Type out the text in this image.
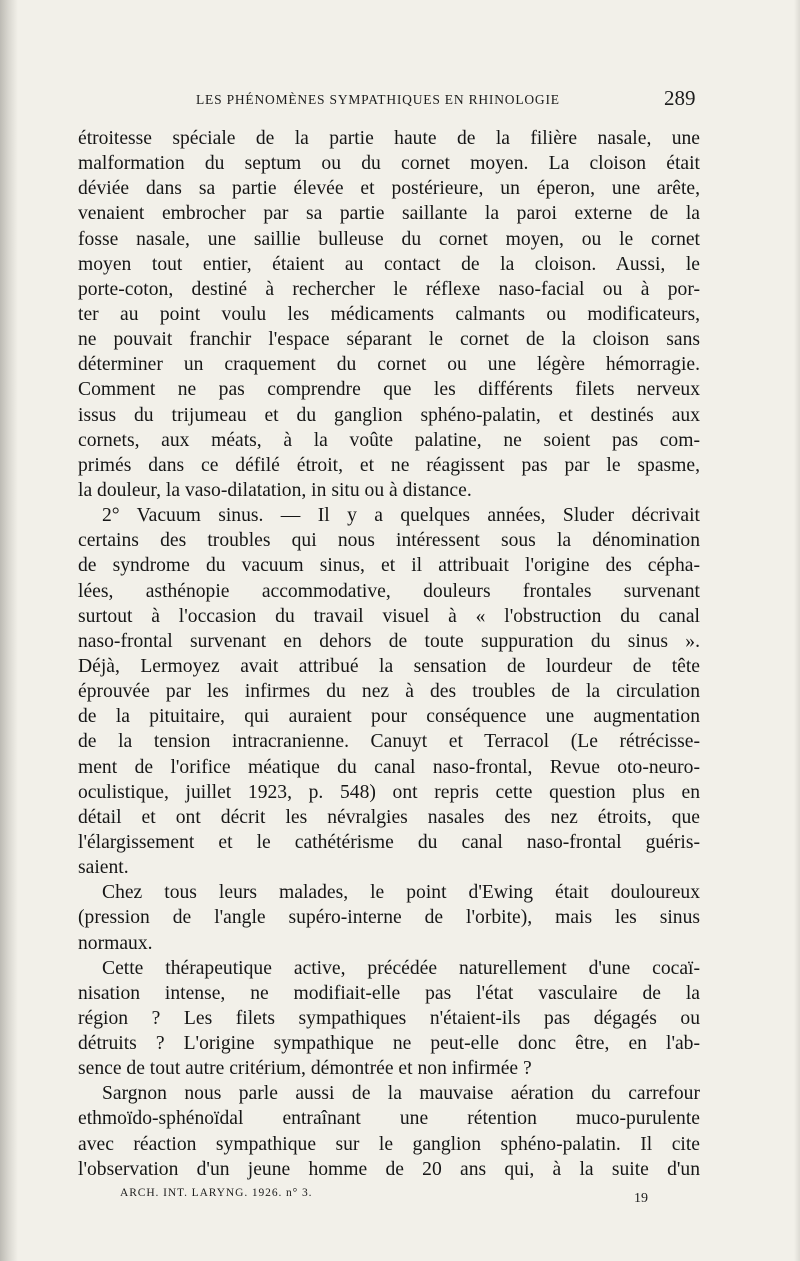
LES PHÉNOMÈNES SYMPATHIQUES EN RHINOLOGIE	289
étroitesse spéciale de la partie haute de la filière nasale, une
malformation du septum ou du cornet moyen. La cloison était
déviée dans sa partie élevée et postérieure, un éperon, une arête,
venaient embrocher par sa partie saillante la paroi externe de la
fosse nasale, une saillie bulleuse du cornet moyen, ou le cornet
moyen tout entier, étaient au contact de la cloison. Aussi, le
porte-coton, destiné à rechercher le réflexe naso-facial ou à por-
ter au point voulu les médicaments calmants ou modificateurs,
ne pouvait franchir l'espace séparant le cornet de la cloison sans
déterminer un craquement du cornet ou une légère hémorragie.
Comment ne pas comprendre que les différents filets nerveux
issus du trijumeau et du ganglion sphéno-palatin, et destinés aux
cornets, aux méats, à la voûte palatine, ne soient pas com-
primés dans ce défilé étroit, et ne réagissent pas par le spasme,
la douleur, la vaso-dilatation, in situ ou à distance.
2° Vacuum sinus. — Il y a quelques années, Sluder décrivait
certains des troubles qui nous intéressent sous la dénomination
de syndrome du vacuum sinus, et il attribuait l'origine des cépha-
lées, asthénopie accommodative, douleurs frontales survenant
surtout à l'occasion du travail visuel à « l'obstruction du canal
naso-frontal survenant en dehors de toute suppuration du sinus ».
Déjà, Lermoyez avait attribué la sensation de lourdeur de tête
éprouvée par les infirmes du nez à des troubles de la circulation
de la pituitaire, qui auraient pour conséquence une augmentation
de la tension intracranienne. Canuyt et Terracol (Le rétrécisse-
ment de l'orifice méatique du canal naso-frontal, Revue oto-neuro-
oculistique, juillet 1923, p. 548) ont repris cette question plus en
détail et ont décrit les névralgies nasales des nez étroits, que
l'élargissement et le cathétérisme du canal naso-frontal guéris-
saient.
Chez tous leurs malades, le point d'Ewing était douloureux
(pression de l'angle supéro-interne de l'orbite), mais les sinus
normaux.
Cette thérapeutique active, précédée naturellement d'une cocaï-
nisation intense, ne modifiait-elle pas l'état vasculaire de la
région ? Les filets sympathiques n'étaient-ils pas dégagés ou
détruits ? L'origine sympathique ne peut-elle donc être, en l'ab-
sence de tout autre critérium, démontrée et non infirmée ?
Sargnon nous parle aussi de la mauvaise aération du carrefour
ethmoïdo-sphénoïdal entraînant une rétention muco-purulente
avec réaction sympathique sur le ganglion sphéno-palatin. Il cite
l'observation d'un jeune homme de 20 ans qui, à la suite d'un
ARCH. INT. LARYNG. 1926. n° 3.	19
